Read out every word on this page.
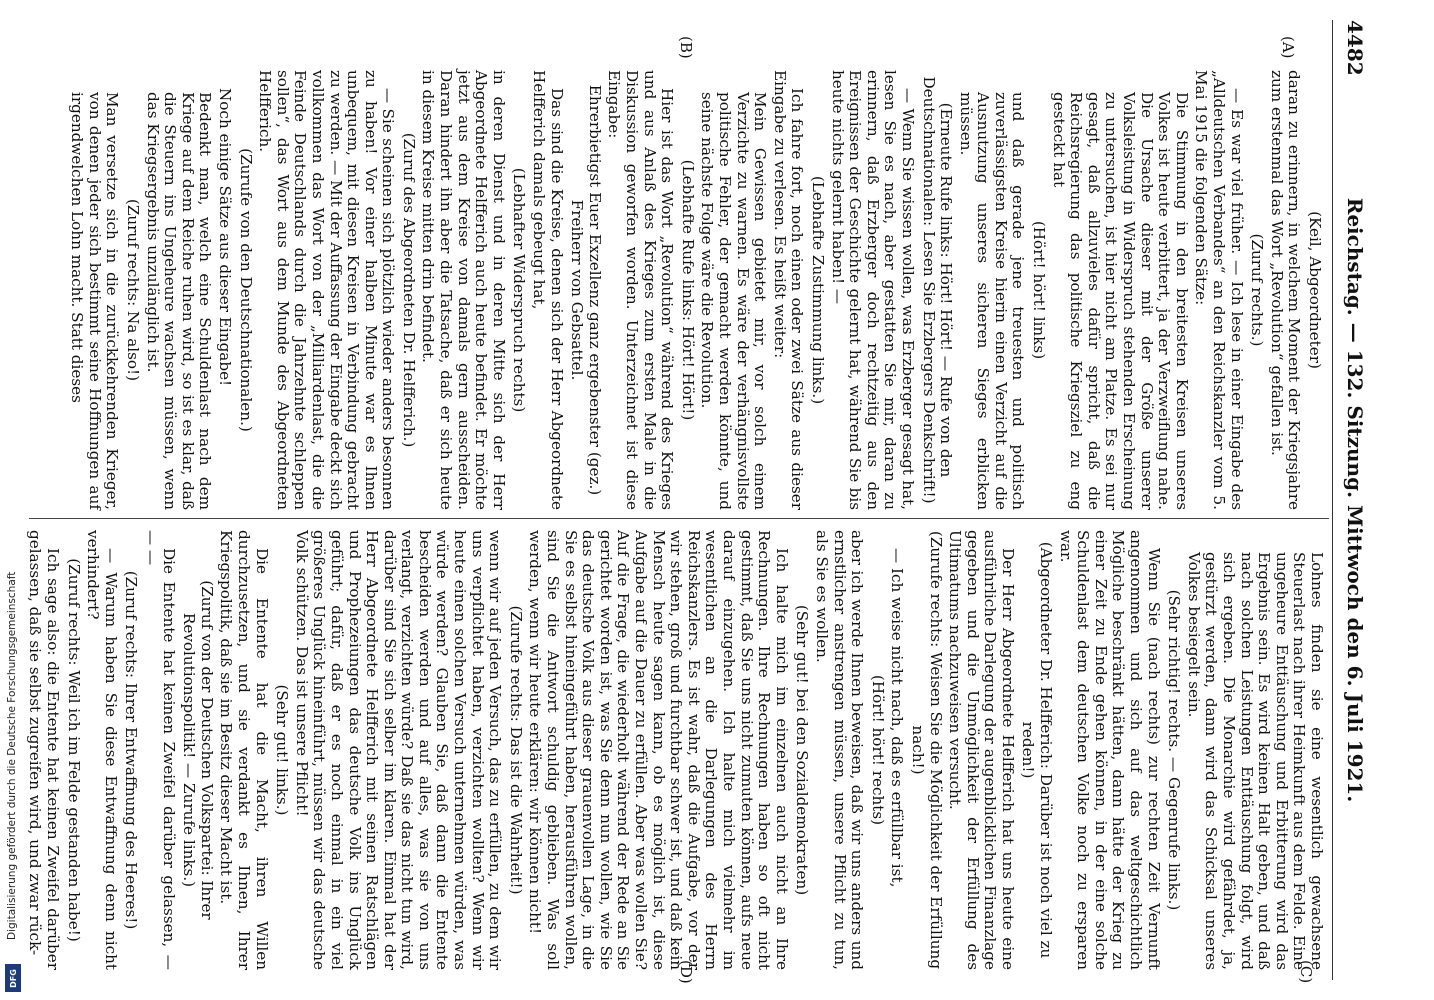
4482
Reichstag. — 132. Sitzung. Mittwoch den 6. Juli 1921.
(A)
(B)
(C)
(D)

(Keil, Abgeordneter)

daran zu erinnern, in welchem Moment der Kriegsjahre zum erstenmal das Wort „Revolution“ gefallen ist.

(Zuruf rechts.)

— Es war viel früher. — Ich lese in einer Eingabe des „Alldeutschen Verbandes“ an den Reichskanzler vom 5. Mai 1915 die folgenden Sätze:

Die Stimmung in den breitesten Kreisen unseres Volkes ist heute verbittert, ja der Verzweiflung nahe. Die Ursache dieser mit der Größe unserer Volksleistung in Widerspruch stehenden Erscheinung zu untersuchen, ist hier nicht am Platze. Es sei nur gesagt, daß allzuvieles dafür spricht, daß die Reichsregierung das politische Kriegsziel zu eng gesteckt hat

(Hört! hört! links)

und daß gerade jene treuesten und politisch zuverlässigsten Kreise hierin einen Verzicht auf die Ausnutzung unseres sicheren Sieges erblicken müssen.

(Erneute Rufe links: Hört! Hört! — Rufe von den Deutschnationalen: Lesen Sie Erzbergers Denkschrift!)

— Wenn Sie wissen wollen, was Erzberger gesagt hat, lesen Sie es nach, aber gestatten Sie mir, daran zu erinnern, daß Erzberger doch rechtzeitig aus den Ereignissen der Geschichte gelernt hat, während Sie bis heute nichts gelernt haben! —

(Lebhafte Zustimmung links.)

Ich fahre fort, noch einen oder zwei Sätze aus dieser Eingabe zu verlesen. Es heißt weiter:

Mein Gewissen gebietet mir, vor solch einem Verzichte zu warnen. Es wäre der verhängnisvollste politische Fehler, der gemacht werden könnte, und seine nächste Folge wäre die Revolution.

(Lebhafte Rufe links: Hört! Hört!)

Hier ist das Wort „Revolution“ während des Krieges und aus Anlaß des Krieges zum ersten Male in die Diskussion geworfen worden. Unterzeichnet ist diese Eingabe:

Ehrerbietigst Euer Exzellenz ganz ergebenster (gez.) Freiherr von Gebsattel.

Das sind die Kreise, denen sich der Herr Abgeordnete Helfferich damals gebeugt hat,

(Lebhafter Widerspruch rechts)

in deren Dienst und in deren Mitte sich der Herr Abgeordnete Helfferich auch heute befindet. Er möchte jetzt aus dem Kreise von damals gern ausscheiden. Daran hindert ihn aber die Tatsache, daß er sich heute in diesem Kreise mitten drin befindet.

(Zuruf des Abgeordneten Dr. Helfferich.)

— Sie scheinen sich plötzlich wieder anders besonnen zu haben! Vor einer halben Minute war es Ihnen unbequem, mit diesen Kreisen in Verbindung gebracht zu werden. — Mit der Auffassung der Eingabe deckt sich vollkommen das Wort von der „Milliardenlast, die die Feinde Deutschlands durch die Jahrzehnte schleppen sollen“, das Wort aus dem Munde des Abgeordneten Helfferich.

(Zurufe von den Deutschnationalen.)

Noch einige Sätze aus dieser Eingabe!

Bedenkt man, welch eine Schuldenlast nach dem Kriege auf dem Reiche ruhen wird, so ist es klar, daß die Steuern ins Ungeheure wachsen müssen, wenn das Kriegsergebnis unzulänglich ist.

(Zuruf rechts: Na also!)

Man versetze sich in die zurückkehrenden Krieger, von denen jeder sich bestimmt seine Hoffnungen auf irgendwelchen Lohn macht. Statt dieses

Lohnes finden sie eine wesentlich gewachsene Steuerlast nach ihrer Heimkunft aus dem Felde. Eine ungeheure Enttäuschung und Erbitterung wird das Ergebnis sein. Es wird keinen Halt geben, und daß nach solchen Leistungen Enttäuschung folgt, wird sich ergeben. Die Monarchie wird gefährdet, ja, gestürzt werden, dann wird das Schicksal unseres Volkes besiegelt sein.

(Sehr richtig! rechts. — Gegenrufe links.)

Wenn Sie (nach rechts) zur rechten Zeit Vernunft angenommen und sich auf das weltgeschichtlich Mögliche beschränkt hätten, dann hätte der Krieg zu einer Zeit zu Ende gehen können, in der eine solche Schuldenlast dem deutschen Volke noch zu ersparen war.

(Abgeordneter Dr. Helfferich: Darüber ist noch viel zu reden!)

Der Herr Abgeordnete Helfferich hat uns heute eine ausführliche Darlegung der augenblicklichen Finanzlage gegeben und die Unmöglichkeit der Erfüllung des Ultimatums nachzuweisen versucht.

(Zurufe rechts: Weisen Sie die Möglichkeit der Erfüllung nach!)

— Ich weise nicht nach, daß es erfüllbar ist,

(Hört! hört! rechts)

aber ich werde Ihnen beweisen, daß wir uns anders und ernstlicher anstrengen müssen, unsere Pflicht zu tun, als Sie es wollen.

(Sehr gut! bei den Sozialdemokraten)

Ich halte mich im einzelnen auch nicht an Ihre Rechnungen. Ihre Rechnungen haben so oft nicht gestimmt, daß Sie uns nicht zumuten können, aufs neue darauf einzugehen. Ich halte mich vielmehr im wesentlichen an die Darlegungen des Herrn Reichskanzlers. Es ist wahr, daß die Aufgabe, vor der wir stehen, groß und furchtbar schwer ist, und daß kein Mensch heute sagen kann, ob es möglich ist, diese Aufgabe auf die Dauer zu erfüllen. Aber was wollen Sie? Auf die Frage, die wiederholt während der Rede an Sie gerichtet worden ist, was Sie denn nun wollen, wie Sie das deutsche Volk aus dieser grauenvollen Lage, in die Sie es selbst hineingeführt haben, herausführen wollen, sind Sie die Antwort schuldig geblieben. Was soll werden, wenn wir heute erklären: wir können nicht!

(Zurufe rechts: Das ist die Wahrheit!)

wenn wir auf jeden Versuch, das zu erfüllen, zu dem wir uns verpflichtet haben, verzichten wollten? Wenn wir heute einen solchen Versuch unternehmen würden, was würde werden? Glauben Sie, daß dann die Entente bescheiden werden und auf alles, was sie von uns verlangt, verzichten würde? Daß sie das nicht tun wird, darüber sind Sie sich selber im klaren. Einmal hat der Herr Abgeordnete Helfferich mit seinen Ratschlägen und Prophezeiungen das deutsche Volk ins Unglück geführt; dafür, daß er es noch einmal in ein viel größeres Unglück hineinführt, müssen wir das deutsche Volk schützen. Das ist unsere Pflicht!

(Sehr gut! links.)

Die Entente hat die Macht, ihren Willen durchzusetzen, und sie verdankt es Ihnen, Ihrer Kriegspolitik, daß sie im Besitz dieser Macht ist.

(Zuruf von der Deutschen Volkspartei: Ihrer Revolutionspolitik! — Zurufe links.)

Die Entente hat keinen Zweifel darüber gelassen, — — —

(Zuruf rechts: Ihrer Entwaffnung des Heeres!)

— Warum haben Sie diese Entwaffnung denn nicht verhindert?

(Zuruf rechts: Weil ich im Felde gestanden habe!)

Ich sage also: die Entente hat keinen Zweifel darüber gelassen, daß sie selbst zugreifen wird, und zwar rück-

Digitalisierung gefördert durch die Deutsche Forschungsgemeinschaft
DFG
